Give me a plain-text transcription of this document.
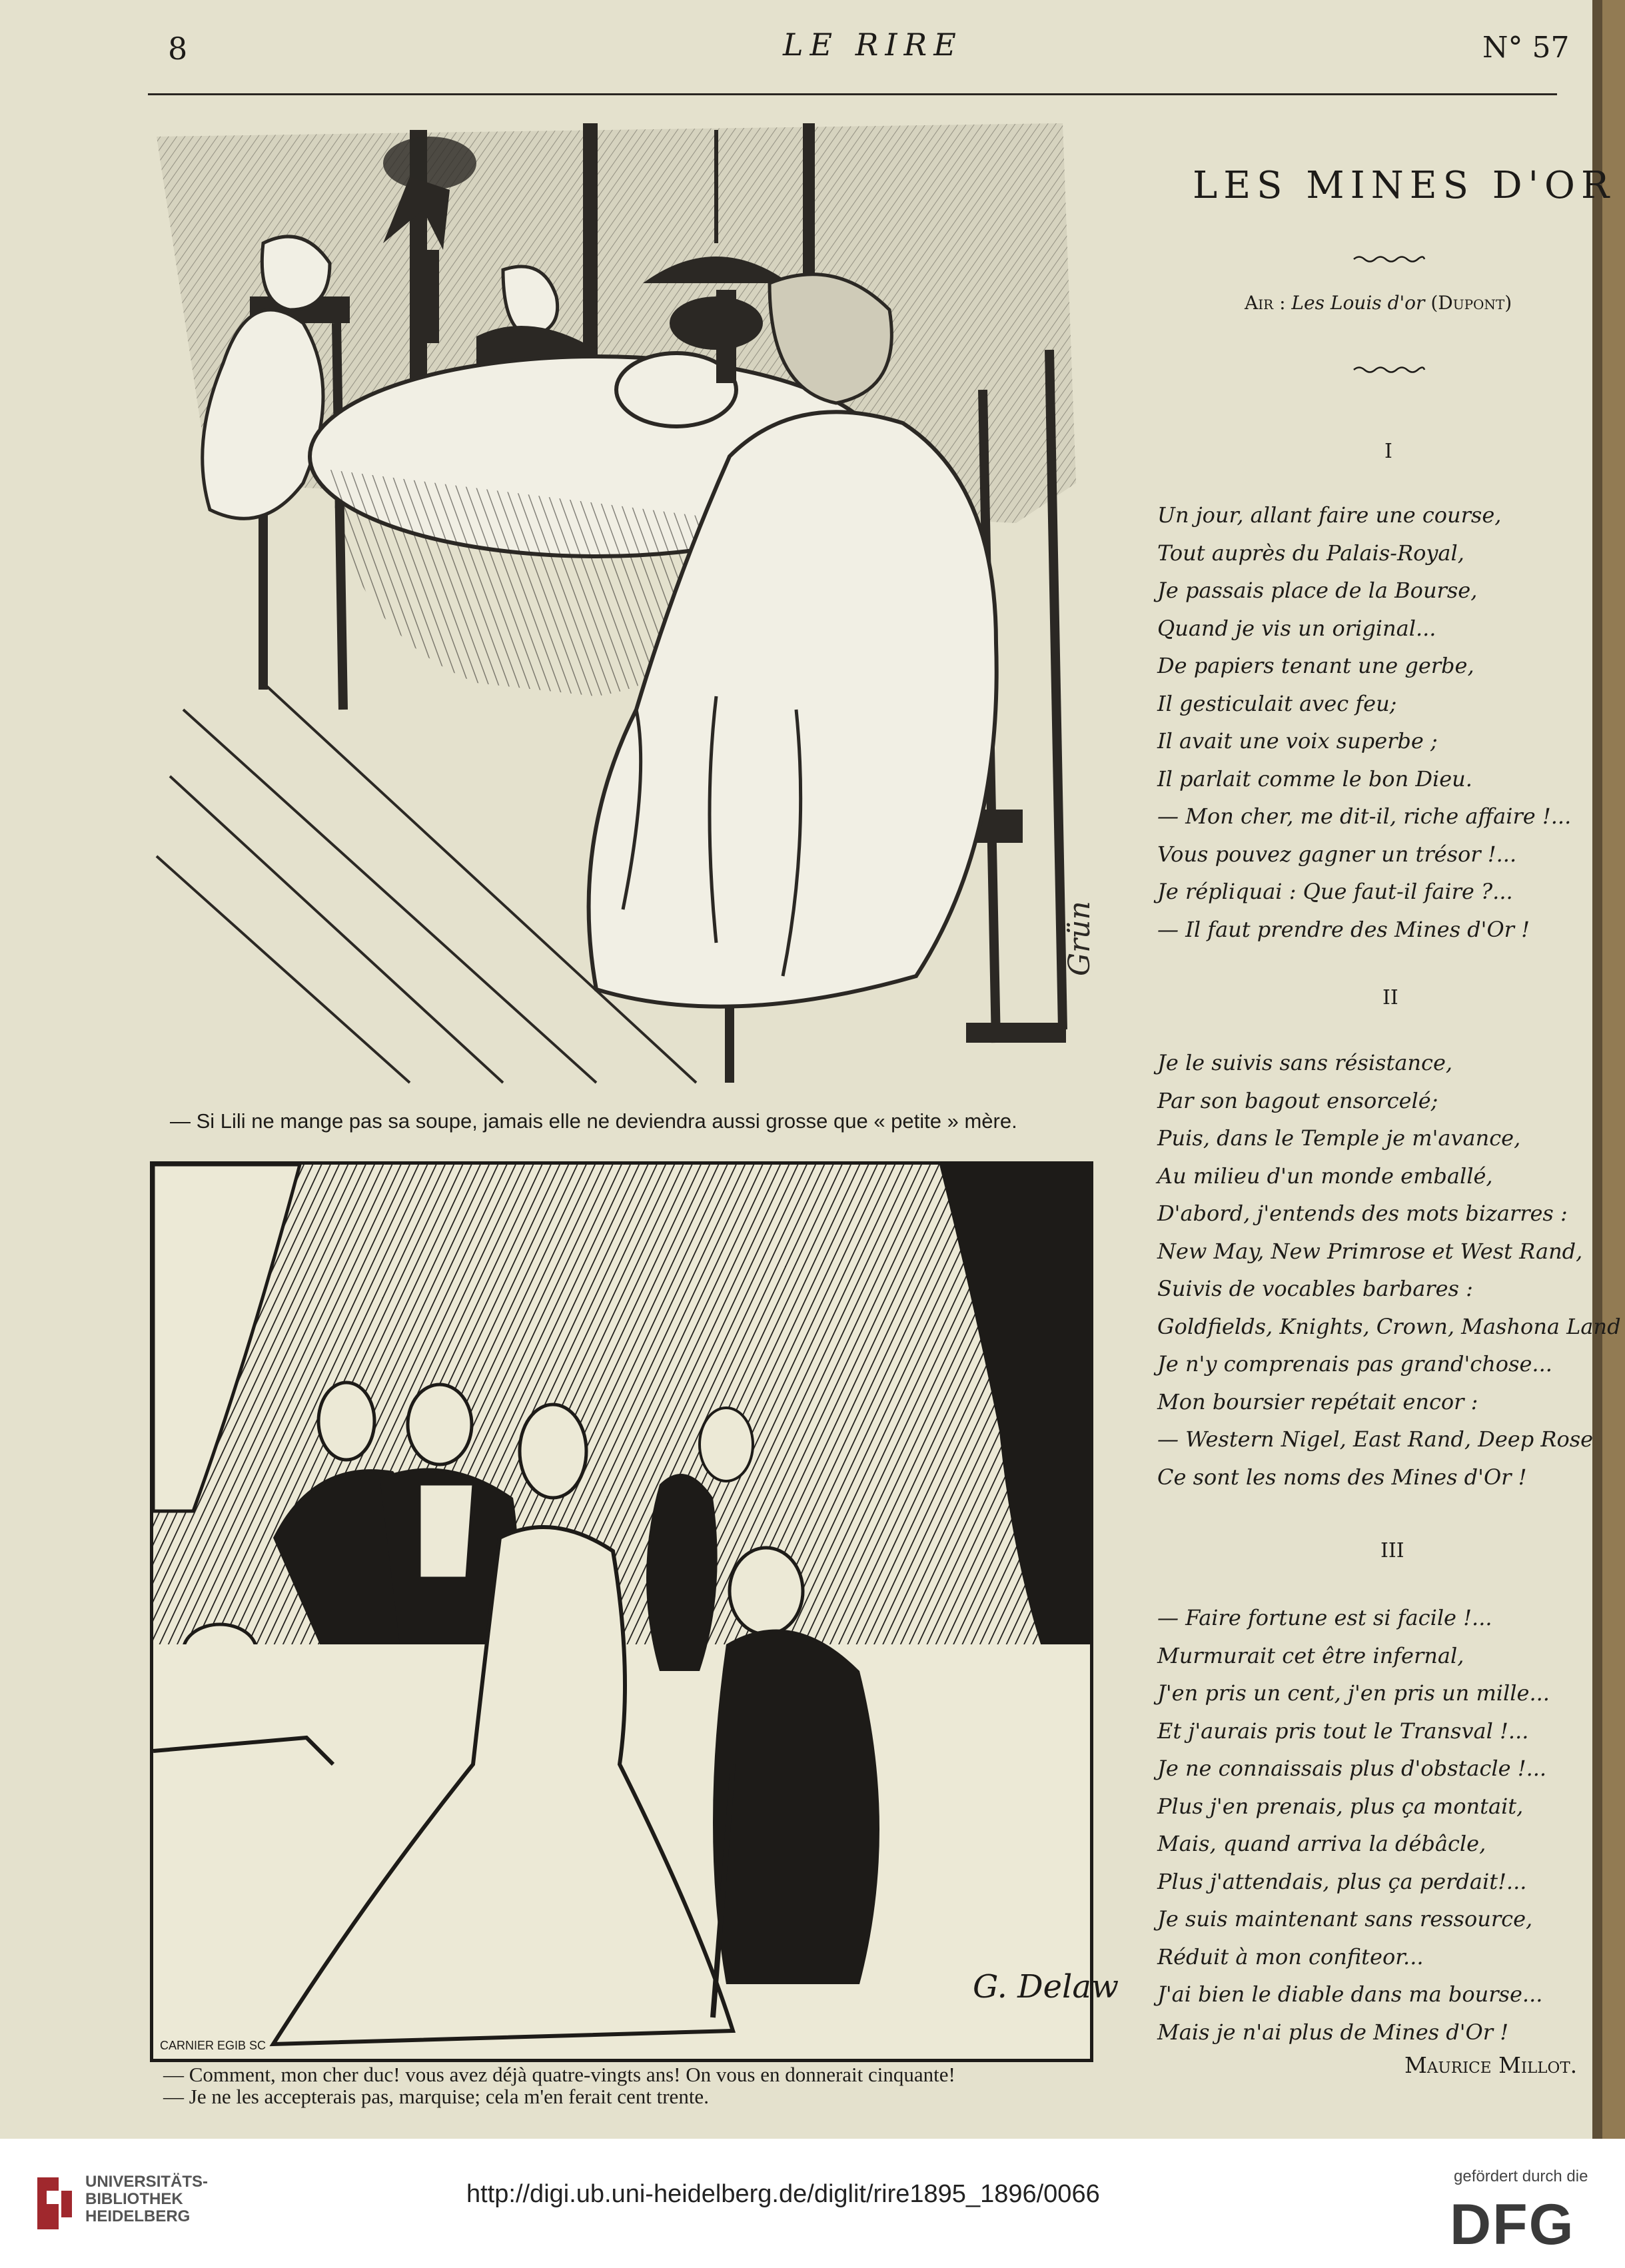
8	LE RIRE	N° 57
Grün
— Si Lili ne mange pas sa soupe, jamais elle ne deviendra aussi grosse que « petite » mère.
G. Delaw
CARNIER EGIB SC
— Comment, mon cher duc! vous avez déjà quatre-vingts ans! On vous en donnerait cinquante!
— Je ne les accepterais pas, marquise; cela m'en ferait cent trente.
LES MINES D'OR
Air : Les Louis d'or (Dupont)
I
Un jour, allant faire une course,
Tout auprès du Palais-Royal,
Je passais place de la Bourse,
Quand je vis un original...
De papiers tenant une gerbe,
Il gesticulait avec feu;
Il avait une voix superbe ;
Il parlait comme le bon Dieu.
— Mon cher, me dit-il, riche affaire !...
Vous pouvez gagner un trésor !...
Je répliquai : Que faut-il faire ?...
— Il faut prendre des Mines d'Or !
II
Je le suivis sans résistance,
Par son bagout ensorcelé;
Puis, dans le Temple je m'avance,
Au milieu d'un monde emballé,
D'abord, j'entends des mots bizarres :
New May, New Primrose et West Rand,
Suivis de vocables barbares :
Goldfields, Knights, Crown, Mashona Land
Je n'y comprenais pas grand'chose...
Mon boursier repétait encor :
— Western Nigel, East Rand, Deep Rose
Ce sont les noms des Mines d'Or !
III
— Faire fortune est si facile !...
Murmurait cet être infernal,
J'en pris un cent, j'en pris un mille...
Et j'aurais pris tout le Transval !...
Je ne connaissais plus d'obstacle !...
Plus j'en prenais, plus ça montait,
Mais, quand arriva la débâcle,
Plus j'attendais, plus ça perdait!...
Je suis maintenant sans ressource,
Réduit à mon confiteor...
J'ai bien le diable dans ma bourse...
Mais je n'ai plus de Mines d'Or !
Maurice Millot.
UNIVERSITÄTS-
BIBLIOTHEK
HEIDELBERG
http://digi.ub.uni-heidelberg.de/diglit/rire1895_1896/0066
gefördert durch die
DFG
